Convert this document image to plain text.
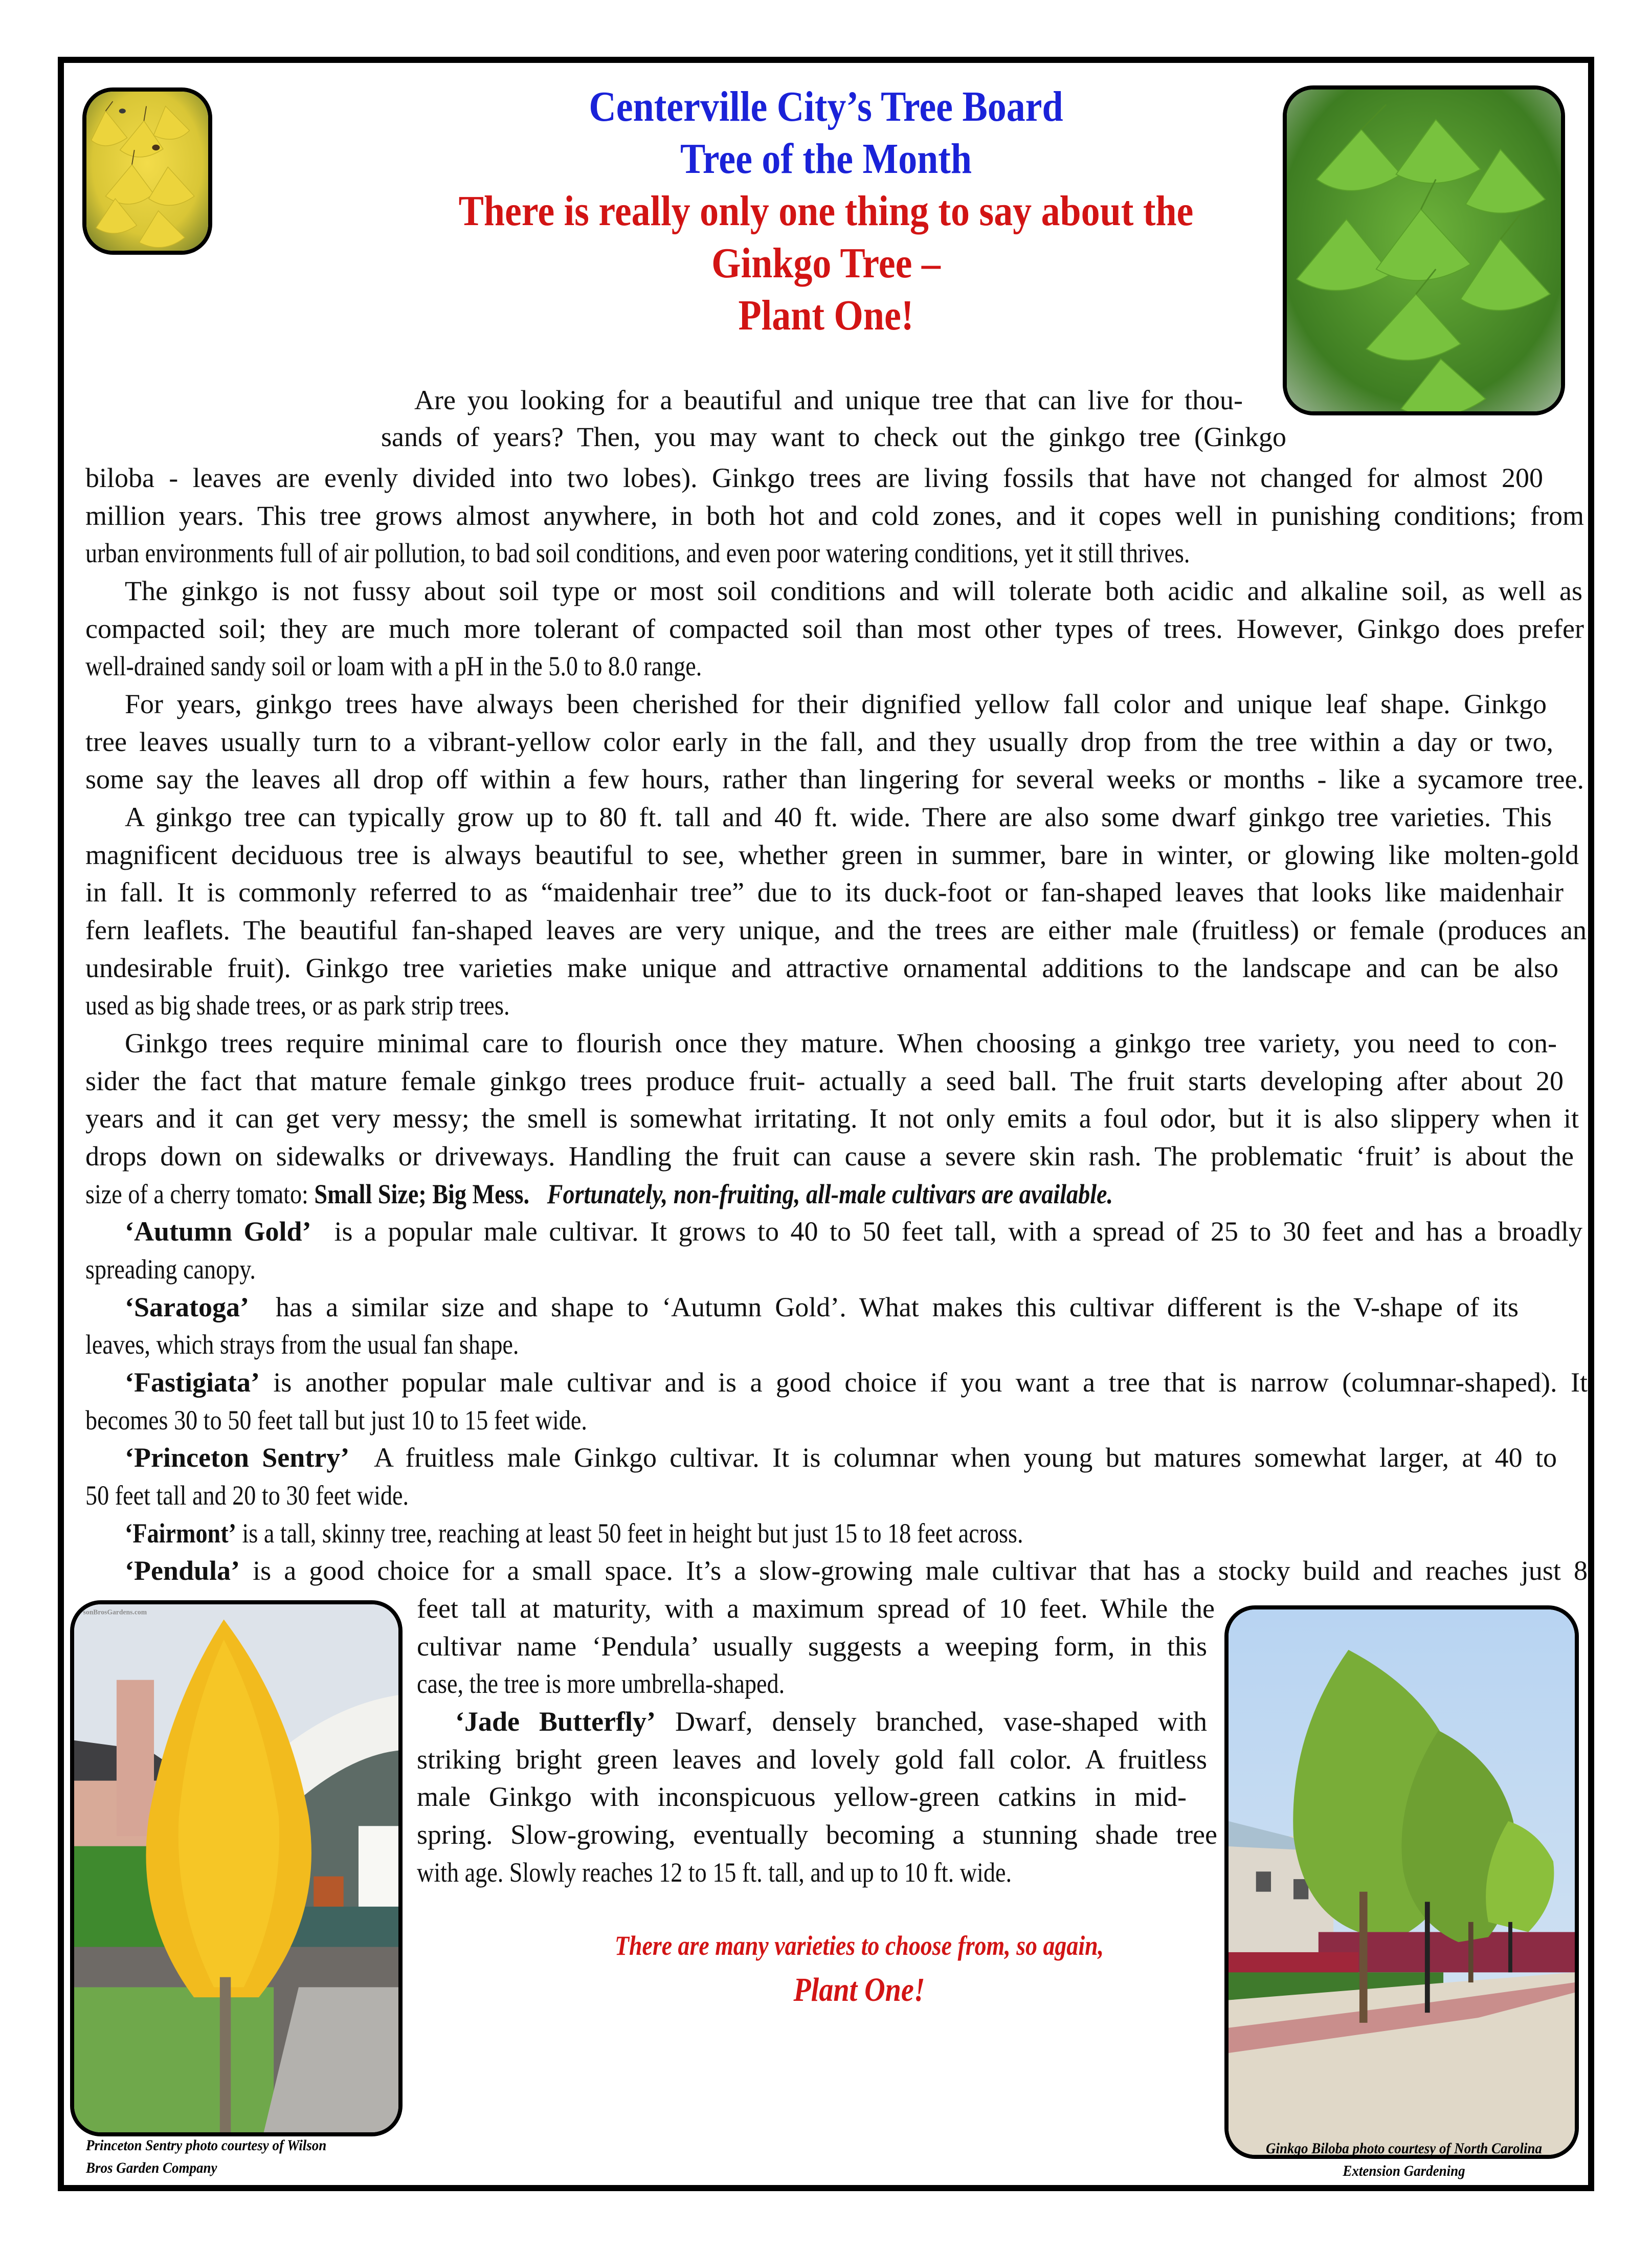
Centerville City’s Tree Board
Tree of the Month
There is really only one thing to say about the
Ginkgo Tree –
Plant One!
Are you looking for a beautiful and unique tree that can live for thou-
sands of years? Then, you may want to check out the ginkgo tree (Ginkgo
biloba - leaves are evenly divided into two lobes). Ginkgo trees are living fossils that have not changed for almost 200
million years. This tree grows almost anywhere, in both hot and cold zones, and it copes well in punishing conditions; from
urban environments full of air pollution, to bad soil conditions, and even poor watering conditions, yet it still thrives.
The ginkgo is not fussy about soil type or most soil conditions and will tolerate both acidic and alkaline soil, as well as
compacted soil; they are much more tolerant of compacted soil than most other types of trees. However, Ginkgo does prefer
well-drained sandy soil or loam with a pH in the 5.0 to 8.0 range.
For years, ginkgo trees have always been cherished for their dignified yellow fall color and unique leaf shape. Ginkgo
tree leaves usually turn to a vibrant-yellow color early in the fall, and they usually drop from the tree within a day or two,
some say the leaves all drop off within a few hours, rather than lingering for several weeks or months - like a sycamore tree.
A ginkgo tree can typically grow up to 80 ft. tall and 40 ft. wide. There are also some dwarf ginkgo tree varieties. This
magnificent deciduous tree is always beautiful to see, whether green in summer, bare in winter, or glowing like molten-gold
in fall. It is commonly referred to as “maidenhair tree” due to its duck-foot or fan-shaped leaves that looks like maidenhair
fern leaflets. The beautiful fan-shaped leaves are very unique, and the trees are either male (fruitless) or female (produces an
undesirable fruit). Ginkgo tree varieties make unique and attractive ornamental additions to the landscape and can be also
used as big shade trees, or as park strip trees.
Ginkgo trees require minimal care to flourish once they mature. When choosing a ginkgo tree variety, you need to con-
sider the fact that mature female ginkgo trees produce fruit- actually a seed ball. The fruit starts developing after about 20
years and it can get very messy; the smell is somewhat irritating. It not only emits a foul odor, but it is also slippery when it
drops down on sidewalks or driveways. Handling the fruit can cause a severe skin rash. The problematic ‘fruit’ is about the
size of a cherry tomato: Small Size; Big Mess. Fortunately, non-fruiting, all-male cultivars are available.
‘Autumn Gold’  is a popular male cultivar. It grows to 40 to 50 feet tall, with a spread of 25 to 30 feet and has a broadly
spreading canopy.
‘Saratoga’  has a similar size and shape to ‘Autumn Gold’. What makes this cultivar different is the V-shape of its
leaves, which strays from the usual fan shape.
‘Fastigiata’ is another popular male cultivar and is a good choice if you want a tree that is narrow (columnar-shaped). It
becomes 30 to 50 feet tall but just 10 to 15 feet wide.
‘Princeton Sentry’  A fruitless male Ginkgo cultivar. It is columnar when young but matures somewhat larger, at 40 to
50 feet tall and 20 to 30 feet wide.
‘Fairmont’ is a tall, skinny tree, reaching at least 50 feet in height but just 15 to 18 feet across.
‘Pendula’ is a good choice for a small space. It’s a slow-growing male cultivar that has a stocky build and reaches just 8
feet tall at maturity, with a maximum spread of 10 feet. While the
cultivar name ‘Pendula’ usually suggests a weeping form, in this
case, the tree is more umbrella-shaped.
‘Jade Butterfly’ Dwarf, densely branched, vase-shaped with
striking bright green leaves and lovely gold fall color. A fruitless
male Ginkgo with inconspicuous yellow-green catkins in mid-
spring. Slow-growing, eventually becoming a stunning shade tree
with age. Slowly reaches 12 to 15 ft. tall, and up to 10 ft. wide.
There are many varieties to choose from, so again,
Plant One!
sonBrosGardens.com
Princeton Sentry photo courtesy of Wilson
Bros Garden Company
Ginkgo Biloba photo courtesy of North Carolina
Extension Gardening
